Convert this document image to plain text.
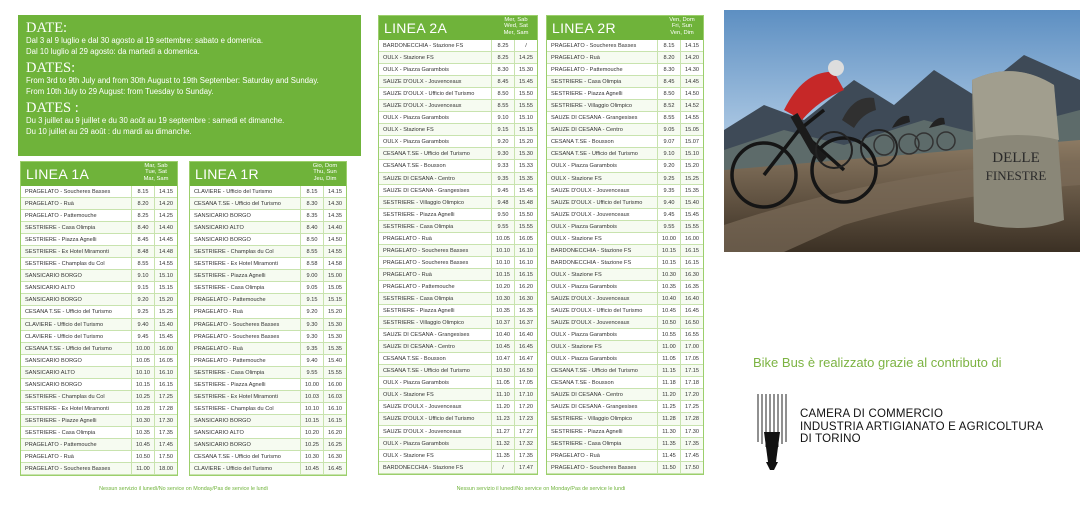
DATE:
Dal 3 al 9 luglio e dal 30 agosto al 19 settembre: sabato e domenica.
Dal 10 luglio al 29 agosto: da martedì a domenica.
DATES:
From 3rd to 9th July and from 30th August to 19th September: Saturday and Sunday.
From 10th July to 29 August: from Tuesday to Sunday.
DATES :
Du 3 juillet au 9 juillet e du 30 août au 19 septembre : samedi et dimanche.
Du 10 juillet au 29 août : du mardi au dimanche.
LINEA 1A	Mar, Sab
Tue, Sat
Mar, Sam
PRAGELATO - Soucheres Basses	8.15	14.15
PRAGELATO - Ruà	8.20	14.20
PRAGELATO - Pattemouche	8.25	14.25
SESTRIERE - Casa Olimpia	8.40	14.40
SESTRIERE - Piazza Agnelli	8.45	14.45
SESTRIERE - Ex Hotel Miramonti	8.48	14.48
SESTRIERE - Champlas du Col	8.55	14.55
SANSICARIO BORGO	9.10	15.10
SANSICARIO ALTO	9.15	15.15
SANSICARIO BORGO	9.20	15.20
CESANA T.SE - Ufficio del Turismo	9.25	15.25
CLAVIERE - Ufficio del Turismo	9.40	15.40
CLAVIERE - Ufficio del Turismo	9.45	15.45
CESANA T.SE - Ufficio del Turismo	10.00	16.00
SANSICARIO BORGO	10.05	16.05
SANSICARIO ALTO	10.10	16.10
SANSICARIO BORGO	10.15	16.15
SESTRIERE - Champlas du Col	10.25	17.25
SESTRIERE - Ex Hotel Miramonti	10.28	17.28
SESTRIERE - Piazze Agnelli	10.30	17.30
SESTRIERE - Casa Olimpia	10.35	17.35
PRAGELATO - Pattemouche	10.45	17.45
PRAGELATO - Ruà	10.50	17.50
PRAGELATO - Soucheres Basses	11.00	18.00
LINEA 1R	Gio, Dom
Thu, Sun
Jeu, Dim
CLAVIERE - Ufficio del Turismo	8.15	14.15
CESANA T.SE - Ufficio del Turismo	8.30	14.30
SANSICARIO BORGO	8.35	14.35
SANSICARIO ALTO	8.40	14.40
SANSICARIO BORGO	8.50	14.50
SESTRIERE - Champlas du Col	8.55	14.55
SESTRIERE - Ex Hotel Miramonti	8.58	14.58
SESTRIERE - Piazza Agnelli	9.00	15.00
SESTRIERE - Casa Olimpia	9.05	15.05
PRAGELATO - Pattemouche	9.15	15.15
PRAGELATO - Ruà	9.20	15.20
PRAGELATO - Soucheres Basses	9.30	15.30
PRAGELATO - Soucheres Basses	9.30	15.30
PRAGELATO - Ruà	9.35	15.35
PRAGELATO - Pattemouche	9.40	15.40
SESTRIERE - Casa Olimpia	9.55	15.55
SESTRIERE - Piazza Agnelli	10.00	16.00
SESTRIERE - Ex Hotel Miramonti	10.03	16.03
SESTRIERE - Champlas du Col	10.10	16.10
SANSICARIO BORGO	10.15	16.15
SANSICARIO ALTO	10.20	16.20
SANSICARIO BORGO	10.25	16.25
CESANA T.SE - Ufficio del Turismo	10.30	16.30
CLAVIERE - Ufficio del Turismo	10.45	16.45
LINEA 2A	Mer, Sab
Wed, Sat
Mer, Sam
BARDONECCHIA - Stazione FS	8.25	/
OULX - Stazione FS	8.25	14.25
OULX - Piazza Garambois	8.30	15.30
SAUZE D'OULX - Jouvenceaux	8.45	15.45
SAUZE D'OULX - Ufficio del Turismo	8.50	15.50
SAUZE D'OULX - Jouvenceaux	8.55	15.55
OULX - Piazza Garambois	9.10	15.10
OULX - Stazione FS	9.15	15.15
OULX - Piazza Garambois	9.20	15.20
CESANA T.SE - Ufficio del Turismo	9.30	15.30
CESANA T.SE - Bousson	9.33	15.33
SAUZE DI CESANA - Centro	9.35	15.35
SAUZE DI CESANA - Grangesises	9.45	15.45
SESTRIERE - Villaggio Olimpico	9.48	15.48
SESTRIERE - Piazza Agnelli	9.50	15.50
SESTRIERE - Casa Olimpia	9.55	15.55
PRAGELATO - Ruà	10.05	16.05
PRAGELATO - Soucheres Basses	10.10	16.10
PRAGELATO - Soucheres Basses	10.10	16.10
PRAGELATO - Ruà	10.15	16.15
PRAGELATO - Pattemouche	10.20	16.20
SESTRIERE - Casa Olimpia	10.30	16.30
SESTRIERE - Piazza Agnelli	10.35	16.35
SESTRIERE - Villaggio Olimpico	10.37	16.37
SAUZE DI CESANA - Grangesises	10.40	16.40
SAUZE DI CESANA - Centro	10.45	16.45
CESANA T.SE - Bousson	10.47	16.47
CESANA T.SE - Ufficio del Turismo	10.50	16.50
OULX - Piazza Garambois	11.05	17.05
OULX - Stazione FS	11.10	17.10
SAUZE D'OULX - Jouvenceaux	11.20	17.20
SAUZE D'OULX - Ufficio del Turismo	11.23	17.23
SAUZE D'OULX - Jouvenceaux	11.27	17.27
OULX - Piazza Garambois	11.32	17.32
OULX - Stazione FS	11.35	17.35
BARDONECCHIA - Stazione FS	/	17.47
LINEA 2R	Ven, Dom
Fri, Sun
Ven, Dim
PRAGELATO - Soucheres Basses	8.15	14.15
PRAGELATO - Ruà	8.20	14.20
PRAGELATO - Pattemouche	8.30	14.30
SESTRIERE - Casa Olimpia	8.45	14.45
SESTRIERE - Piazza Agnelli	8.50	14.50
SESTRIERE - Villaggio Olimpico	8.52	14.52
SAUZE DI CESANA - Grangesises	8.55	14.55
SAUZE DI CESANA - Centro	9.05	15.05
CESANA T.SE - Bousson	9.07	15.07
CESANA T.SE - Ufficio del Turismo	9.10	15.10
OULX - Piazza Garambois	9.20	15.20
OULX - Stazione FS	9.25	15.25
SAUZE D'OULX - Jouvenceaux	9.35	15.35
SAUZE D'OULX - Ufficio del Turismo	9.40	15.40
SAUZE D'OULX - Jouvenceaux	9.45	15.45
OULX - Piazza Garambois	9.55	15.55
OULX - Stazione FS	10.00	16.00
BARDONECCHIA - Stazione FS	10.15	16.15
BARDONECCHIA - Stazione FS	10.15	16.15
OULX - Stazione FS	10.30	16.30
OULX - Piazza Garambois	10.35	16.35
SAUZE D'OULX - Jouvenceaux	10.40	16.40
SAUZE D'OULX - Ufficio del Turismo	10.45	16.45
SAUZE D'OULX - Jouvenceaux	10.50	16.50
OULX - Piazza Garambois	10.55	16.55
OULX - Stazione FS	11.00	17.00
OULX - Piazza Garambois	11.05	17.05
CESANA T.SE - Ufficio del Turismo	11.15	17.15
CESANA T.SE - Bousson	11.18	17.18
SAUZE DI CESANA - Centro	11.20	17.20
SAUZE DI CESANA - Grangesises	11.25	17.25
SESTRIERE - Villaggio Olimpico	11.28	17.28
SESTRIERE - Piazza Agnelli	11.30	17.30
SESTRIERE - Casa Olimpia	11.35	17.35
PRAGELATO - Ruà	11.45	17.45
PRAGELATO - Soucheres Basses	11.50	17.50
Nessun servizio il lunedì/No service on Monday/Pas de service le lundi	Nessun servizio il lunedì/No service on Monday/Pas de service le lundi
DELLE
FINESTRE
Bike Bus è realizzato grazie al contributo di
CAMERA DI COMMERCIO
INDUSTRIA ARTIGIANATO E AGRICOLTURA
DI TORINO
